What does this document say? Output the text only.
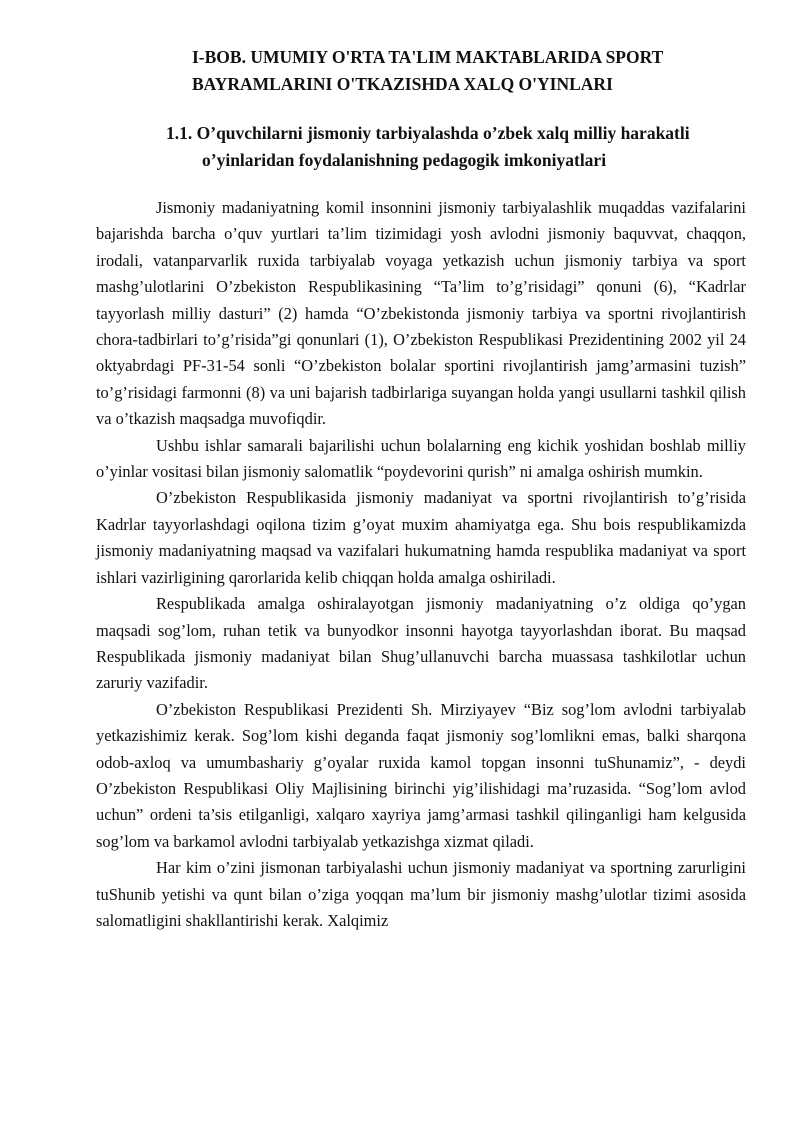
I-BOB. UMUMIY O'RTA TA'LIM MAKTABLARIDA SPORT
BAYRAMLARINI O'TKAZISHDA XALQ O'YINLARI
1.1. O’quvchilarni jismoniy tarbiyalashda o’zbek xalq milliy harakatli
o’yinlaridan foydalanishning pedagogik imkoniyatlari

Jismoniy madaniyatning komil insonnini jismoniy tarbiyalashlik muqaddas vazifalarini bajarishda barcha o’quv yurtlari ta’lim tizimidagi yosh avlodni jismoniy baquvvat, chaqqon, irodali, vatanparvarlik ruxida tarbiyalab voyaga yetkazish uchun jismoniy tarbiya va sport mashg’ulotlarini O’zbekiston Respublikasining “Ta’lim to’g’risidagi” qonuni (6), “Kadrlar tayyorlash milliy dasturi” (2) hamda “O’zbekistonda jismoniy tarbiya va sportni rivojlantirish chora-tadbirlari to’g’risida”gi qonunlari (1), O’zbekiston Respublikasi Prezidentining 2002 yil 24 oktyabrdagi PF-31-54 sonli “O’zbekiston bolalar sportini rivojlantirish jamg’armasini tuzish” to’g’risidagi farmonni (8) va uni bajarish tadbirlariga suyangan holda yangi usullarni tashkil qilish va o’tkazish maqsadga muvofiqdir.

Ushbu ishlar samarali bajarilishi uchun bolalarning eng kichik yoshidan boshlab milliy o’yinlar vositasi bilan jismoniy salomatlik “poydevorini qurish” ni amalga oshirish mumkin.

O’zbekiston Respublikasida jismoniy madaniyat va sportni rivojlantirish to’g’risida Kadrlar tayyorlashdagi oqilona tizim g’oyat muxim ahamiyatga ega. Shu bois respublikamizda jismoniy madaniyatning maqsad va vazifalari hukumatning hamda respublika madaniyat va sport ishlari vazirligining qarorlarida kelib chiqqan holda amalga oshiriladi.

Respublikada amalga oshiralayotgan jismoniy madaniyatning o’z oldiga qo’ygan maqsadi sog’lom, ruhan tetik va bunyodkor insonni hayotga tayyorlashdan iborat. Bu maqsad Respublikada jismoniy madaniyat bilan Shug’ullanuvchi barcha muassasa tashkilotlar uchun zaruriy vazifadir.

O’zbekiston Respublikasi Prezidenti Sh. Mirziyayev “Biz sog’lom avlodni tarbiyalab yetkazishimiz kerak. Sog’lom kishi deganda faqat jismoniy sog’lomlikni emas, balki sharqona odob-axloq va umumbashariy g’oyalar ruxida kamol topgan insonni tuShunamiz”, - deydi O’zbekiston Respublikasi Oliy Majlisining birinchi yig’ilishidagi ma’ruzasida. “Sog’lom avlod uchun” ordeni ta’sis etilganligi, xalqaro xayriya jamg’armasi tashkil qilinganligi ham kelgusida sog’lom va barkamol avlodni tarbiyalab yetkazishga xizmat qiladi.

Har kim o’zini jismonan tarbiyalashi uchun jismoniy madaniyat va sportning zarurligini tuShunib yetishi va qunt bilan o’ziga yoqqan ma’lum bir jismoniy mashg’ulotlar tizimi asosida salomatligini shakllantirishi kerak. Xalqimiz
